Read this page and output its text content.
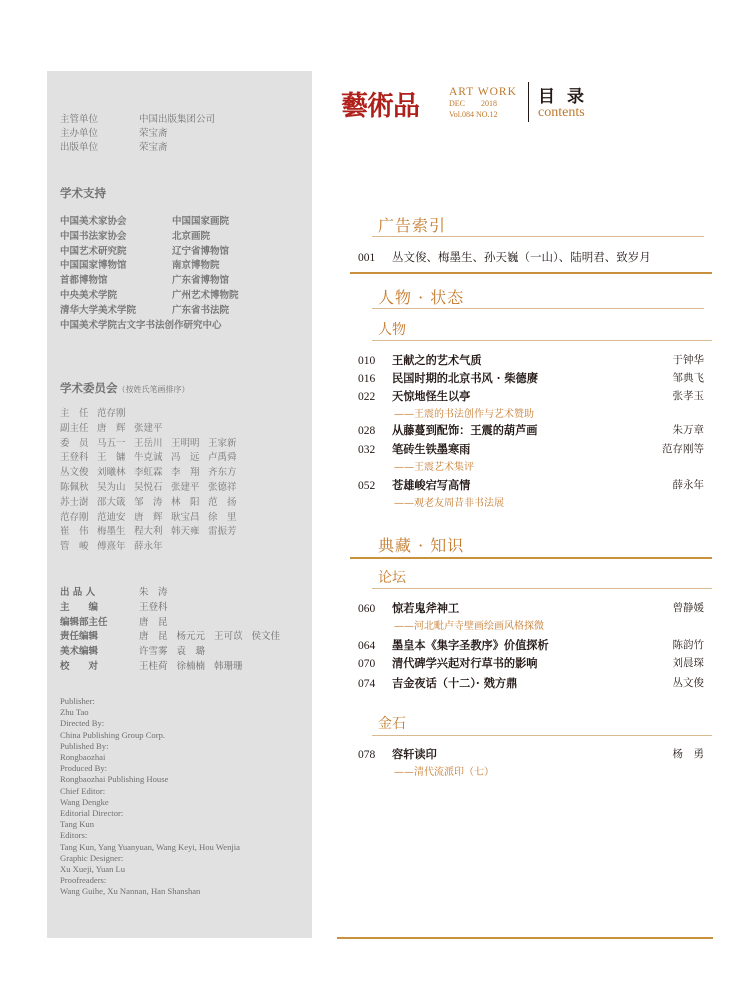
主管单位	中国出版集团公司
主办单位	荣宝斋
出版单位	荣宝斋
学术支持
中国美术家协会	中国国家画院
中国书法家协会	北京画院
中国艺术研究院	辽宁省博物馆
中国国家博物馆	南京博物院
首都博物馆	广东省博物馆
中央美术学院	广州艺术博物院
清华大学美术学院	广东省书法院
中国美术学院古文字书法创作研究中心
学术委员会（按姓氏笔画排序）
主　任 范存刚
副主任 唐　辉 张建平
委　员 马五一 王岳川 王明明 王家新
王登科 王　镛 牛克诚 冯　远 卢禹舜
丛文俊 刘曦林 李虹霖 李　翔 齐东方
陈佩秋 吴为山 吴悦石 张建平 张德祥
苏士澍 邵大箴 邹　涛 林　阳 范　扬
范存刚 范迪安 唐　辉 耿宝昌 徐　里
崔　伟 梅墨生 程大利 韩天雍 雷振芳
管　峻 傅熹年 薛永年
出 品 人	朱　涛
主　　编	王登科
编辑部主任	唐　昆
责任编辑	唐　昆 杨元元 王可苡 侯文佳
美术编辑	许雪雾 袁　璐
校　　对	王桂荷 徐楠楠 韩珊珊
Publisher:
Zhu Tao
Directed By:
China Publishing Group Corp.
Published By:
Rongbaozhai
Produced By:
Rongbaozhai Publishing House
Chief Editor:
Wang Dengke
Editorial Director:
Tang Kun
Editors:
Tang Kun, Yang Yuanyuan, Wang Keyi, Hou Wenjia
Graphic Designer:
Xu Xueji, Yuan Lu
Proofreaders:
Wang Guihe, Xu Nannan, Han Shanshan
藝術品	ART WORK
DEC　　2018
Vol.084 NO.12
目录
contents
广告索引
001 丛文俊、梅墨生、孙天巍（一山）、陆明君、致岁月
人物 · 状态
人物
010 王献之的艺术气质	于钟华
016 民国时期的北京书风 · 柴德赓	邹典飞
022 天惊地怪生以亭	张孝玉
——王震的书法创作与艺术赞助
028 从藤蔓到配饰：王震的葫芦画	朱万章
032 笔砖生铁墨寒雨	范存刚等
——王震艺术集评
052 苍雄峻宕写高情	薛永年
——观老友周昔非书法展
典藏 · 知识
论坛
060 惊若鬼斧神工	曾静媛
——河北毗卢寺壁画绘画风格探微
064 墨皇本《集字圣教序》价值探析	陈韵竹
070 清代碑学兴起对行草书的影响	刘晨琛
074 吉金夜话（十二）· 戣方鼎	丛文俊
金石
078 容轩读印	杨　勇
——清代流派印（七）
